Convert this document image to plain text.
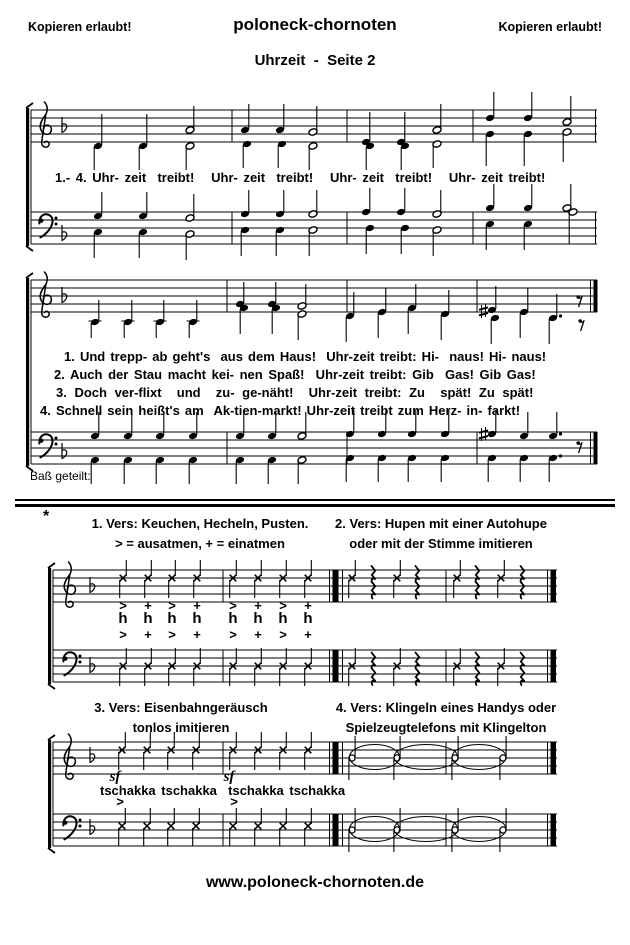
Kopieren erlaubt!	poloneck-chornoten	Kopieren erlaubt!
Uhrzeit  -  Seite 2
1.- 4. Uhr- zeit  treibt!   Uhr- zeit  treibt!   Uhr- zeit  treibt!   Uhr- zeit treibt!
1. Und trepp- ab geht's  aus dem Haus!  Uhr-zeit treibt: Hi-  naus! Hi- naus!
2. Auch der Stau macht kei- nen Spaß!  Uhr-zeit treibt: Gib  Gas! Gib Gas!
3. Doch ver-flixt  und  zu- ge-näht!  Uhr-zeit treibt: Zu  spät! Zu spät!
4. Schnell sein heißt's am  Ak-tien-markt! Uhr-zeit treibt zum Herz- in- farkt!
Baß geteilt:
*	1. Vers: Keuchen, Hecheln, Pusten.
> = ausatmen, + = einatmen
2. Vers: Hupen mit einer Autohupe
oder mit der Stimme imitieren
3. Vers: Eisenbahngeräusch
tonlos imitieren
4. Vers: Klingeln eines Handys oder
Spielzeugtelefons mit Klingelton
>	+	>	+	>	+	>	+
h h h h h h h h
>	+	>	+	>	+	>	+
sf	sf
tschakka tschakka  tschakka tschakka
>	>
www.poloneck-chornoten.de
